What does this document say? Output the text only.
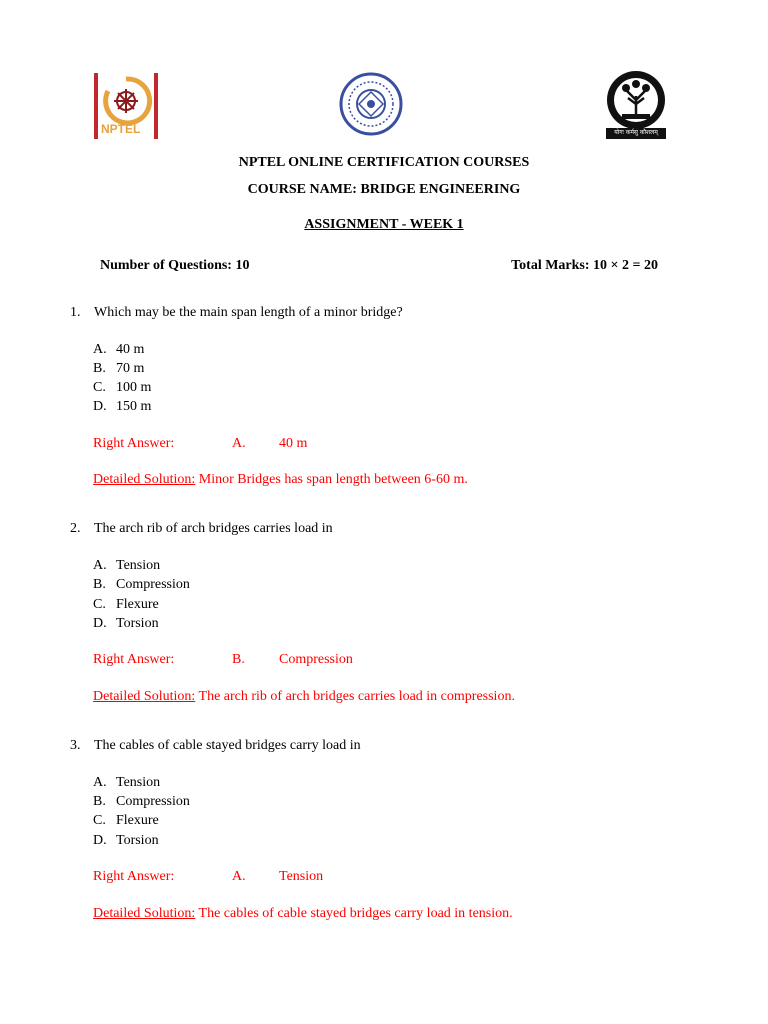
NPTEL	योगः कर्मसु कौशलम्
NPTEL ONLINE CERTIFICATION COURSES
COURSE NAME: BRIDGE ENGINEERING
ASSIGNMENT - WEEK 1
Number of Questions: 10	Total Marks: 10 × 2 = 20
1. Which may be the main span length of a minor bridge?
A. 40 m
B. 70 m
C. 100 m
D. 150 m
Right Answer:	A. 40 m
Detailed Solution: Minor Bridges has span length between 6-60 m.
2. The arch rib of arch bridges carries load in
A. Tension
B. Compression
C. Flexure
D. Torsion
Right Answer:	B. Compression
Detailed Solution: The arch rib of arch bridges carries load in compression.
3. The cables of cable stayed bridges carry load in
A. Tension
B. Compression
C. Flexure
D. Torsion
Right Answer:	A. Tension
Detailed Solution: The cables of cable stayed bridges carry load in tension.
